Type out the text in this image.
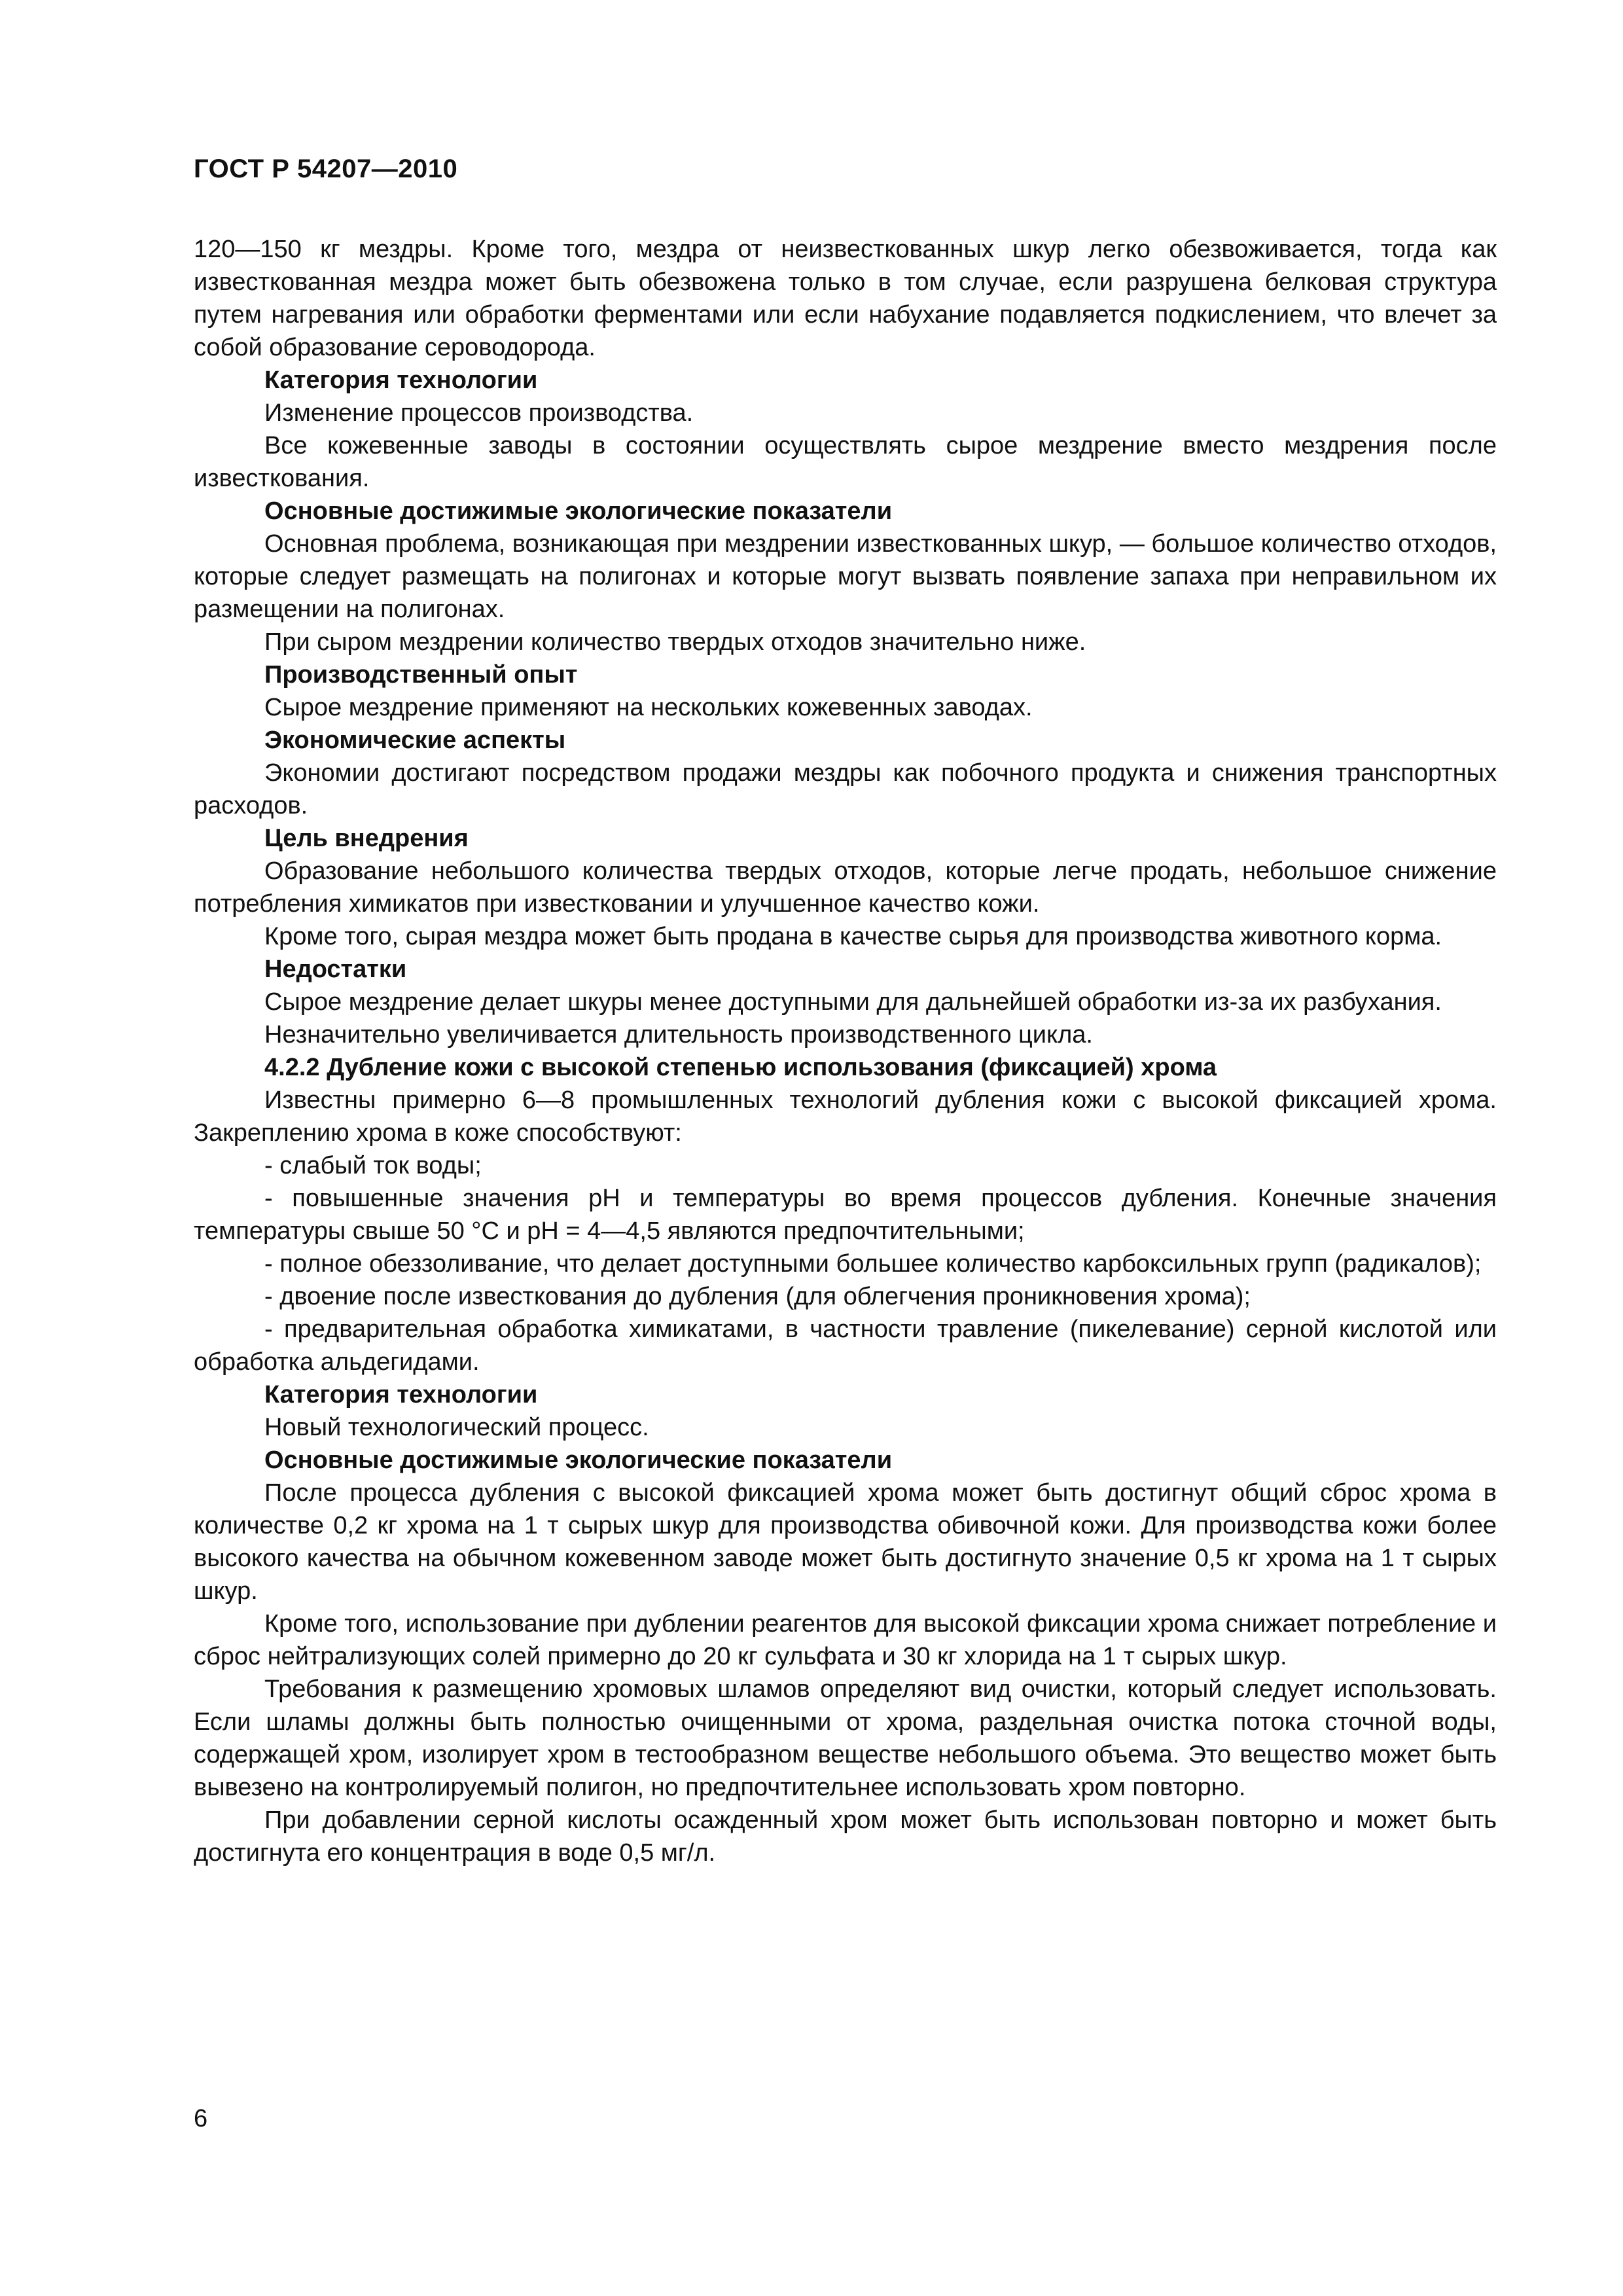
ГОСТ Р 54207—2010

120—150 кг мездры. Кроме того, мездра от неизвесткованных шкур легко обезвоживается, тогда как известкованная мездра может быть обезвожена только в том случае, если разрушена белковая структура путем нагревания или обработки ферментами или если набухание подавляется подкислением, что влечет за собой образование сероводорода.

Категория технологии

Изменение процессов производства.

Все кожевенные заводы в состоянии осуществлять сырое мездрение вместо мездрения после известкования.

Основные достижимые экологические показатели

Основная проблема, возникающая при мездрении известкованных шкур, — большое количество отходов, которые следует размещать на полигонах и которые могут вызвать появление запаха при неправильном их размещении на полигонах.

При сыром мездрении количество твердых отходов значительно ниже.

Производственный опыт

Сырое мездрение применяют на нескольких кожевенных заводах.

Экономические аспекты

Экономии достигают посредством продажи мездры как побочного продукта и снижения транспортных расходов.

Цель внедрения

Образование небольшого количества твердых отходов, которые легче продать, небольшое снижение потребления химикатов при известковании и улучшенное качество кожи.

Кроме того, сырая мездра может быть продана в качестве сырья для производства животного корма.

Недостатки

Сырое мездрение делает шкуры менее доступными для дальнейшей обработки из-за их разбухания.

Незначительно увеличивается длительность производственного цикла.

4.2.2 Дубление кожи с высокой степенью использования (фиксацией) хрома

Известны примерно 6—8 промышленных технологий дубления кожи с высокой фиксацией хрома. Закреплению хрома в коже способствуют:

- слабый ток воды;

- повышенные значения рН и температуры во время процессов дубления. Конечные значения температуры свыше 50 °С и рН = 4—4,5 являются предпочтительными;

- полное обеззоливание, что делает доступными большее количество карбоксильных групп (радикалов);

- двоение после известкования до дубления (для облегчения проникновения хрома);

- предварительная обработка химикатами, в частности травление (пикелевание) серной кислотой или обработка альдегидами.

Категория технологии

Новый технологический процесс.

Основные достижимые экологические показатели

После процесса дубления с высокой фиксацией хрома может быть достигнут общий сброс хрома в количестве 0,2 кг хрома на 1 т сырых шкур для производства обивочной кожи. Для производства кожи более высокого качества на обычном кожевенном заводе может быть достигнуто значение 0,5 кг хрома на 1 т сырых шкур.

Кроме того, использование при дублении реагентов для высокой фиксации хрома снижает потребление и сброс нейтрализующих солей примерно до 20 кг сульфата и 30 кг хлорида на 1 т сырых шкур.

Требования к размещению хромовых шламов определяют вид очистки, который следует использовать. Если шламы должны быть полностью очищенными от хрома, раздельная очистка потока сточной воды, содержащей хром, изолирует хром в тестообразном веществе небольшого объема. Это вещество может быть вывезено на контролируемый полигон, но предпочтительнее использовать хром повторно.

При добавлении серной кислоты осажденный хром может быть использован повторно и может быть достигнута его концентрация в воде 0,5 мг/л.

6
